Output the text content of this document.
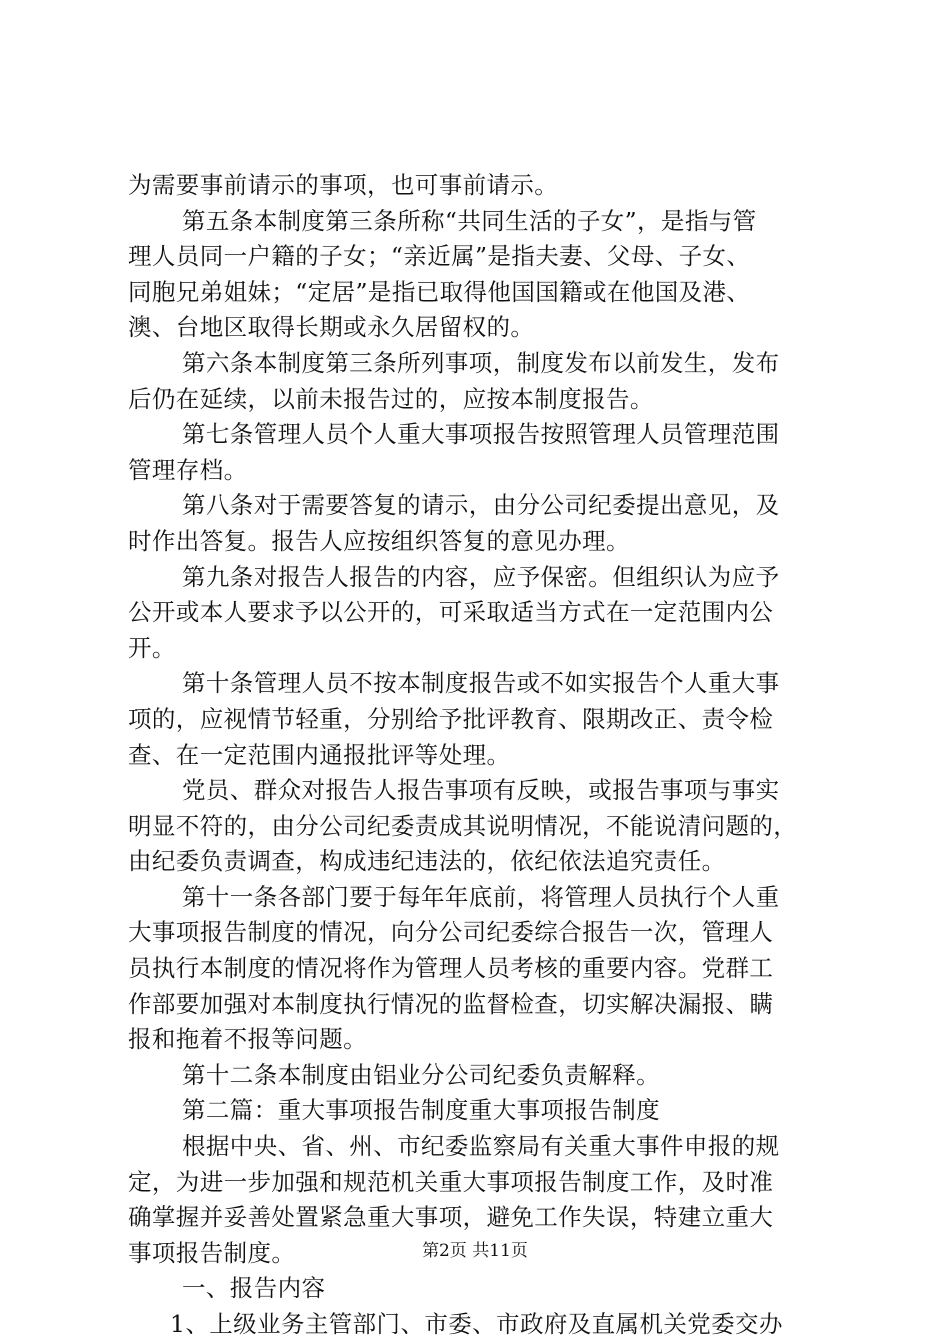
为需要事前请示的事项，也可事前请示。
第五条本制度第三条所称“共同生活的子女”，是指与管
理人员同一户籍的子女；“亲近属”是指夫妻、父母、子女、
同胞兄弟姐妹；“定居”是指已取得他国国籍或在他国及港、
澳、台地区取得长期或永久居留权的。
第六条本制度第三条所列事项，制度发布以前发生，发布
后仍在延续，以前未报告过的，应按本制度报告。
第七条管理人员个人重大事项报告按照管理人员管理范围
管理存档。
第八条对于需要答复的请示，由分公司纪委提出意见，及
时作出答复。报告人应按组织答复的意见办理。
第九条对报告人报告的内容，应予保密。但组织认为应予
公开或本人要求予以公开的，可采取适当方式在一定范围内公
开。
第十条管理人员不按本制度报告或不如实报告个人重大事
项的，应视情节轻重，分别给予批评教育、限期改正、责令检
查、在一定范围内通报批评等处理。
党员、群众对报告人报告事项有反映，或报告事项与事实
明显不符的，由分公司纪委责成其说明情况，不能说清问题的，
由纪委负责调查，构成违纪违法的，依纪依法追究责任。
第十一条各部门要于每年年底前，将管理人员执行个人重
大事项报告制度的情况，向分公司纪委综合报告一次，管理人
员执行本制度的情况将作为管理人员考核的重要内容。党群工
作部要加强对本制度执行情况的监督检查，切实解决漏报、瞒
报和拖着不报等问题。
第十二条本制度由铝业分公司纪委负责解释。
第二篇：重大事项报告制度重大事项报告制度
根据中央、省、州、市纪委监察局有关重大事件申报的规
定，为进一步加强和规范机关重大事项报告制度工作，及时准
确掌握并妥善处置紧急重大事项，避免工作失误，特建立重大
事项报告制度。
一、报告内容
1、上级业务主管部门、市委、市政府及直属机关党委交办
第2页 共11页
